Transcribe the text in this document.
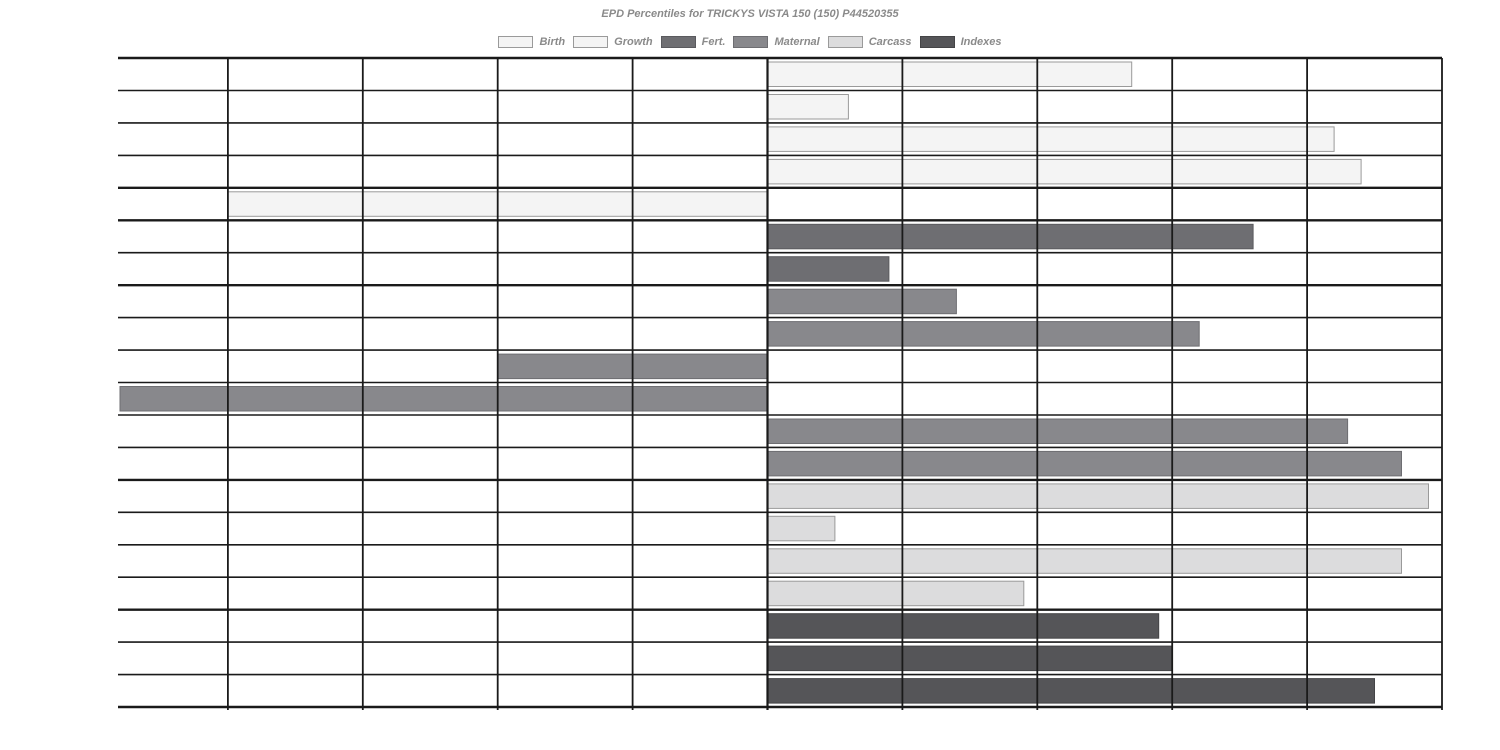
EPD Percentiles for TRICKYS VISTA 150 (150) P44520355
Birth	Growth	Fert.	Maternal	Carcass	Indexes
